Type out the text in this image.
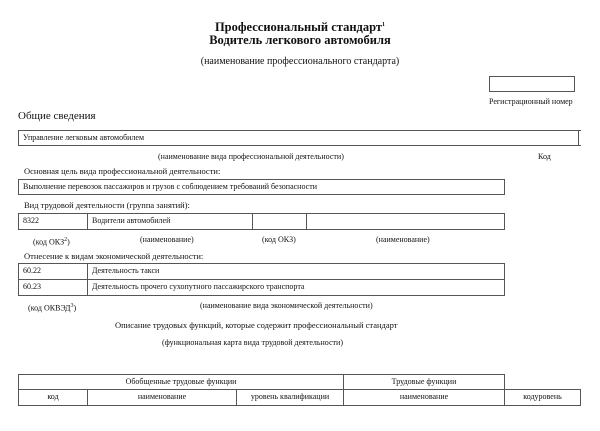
Профессиональный стандарт$^1$
Водитель легкового автомобиля
(наименование профессионального стандарта)
Регистрационный номер
Общие сведения
Управление легковым автомобилем
(наименование вида профессиональной деятельности)	Код
Основная цель вида профессиональной деятельности:
Выполнение перевозок пассажиров и грузов с соблюдением требований безопасности
Вид трудовой деятельности (группа занятий):
8322	Водители автомобилей
(код ОКЗ$^2$)	(наименование)	(код ОКЗ)	(наименование)
Отнесение к видам экономической деятельности:
60.22	Деятельность такси
60.23	Деятельность прочего сухопутного пассажирского транспорта
(код ОКВЭД$^3$)	(наименование вида экономической деятельности)
Описание трудовых функций, которые содержит профессиональный стандарт
(функциональная карта вида трудовой деятельности)
Обобщенные трудовые функции	Трудовые функции
код	наименование	уровень квалификации	наименование	кодуровень
